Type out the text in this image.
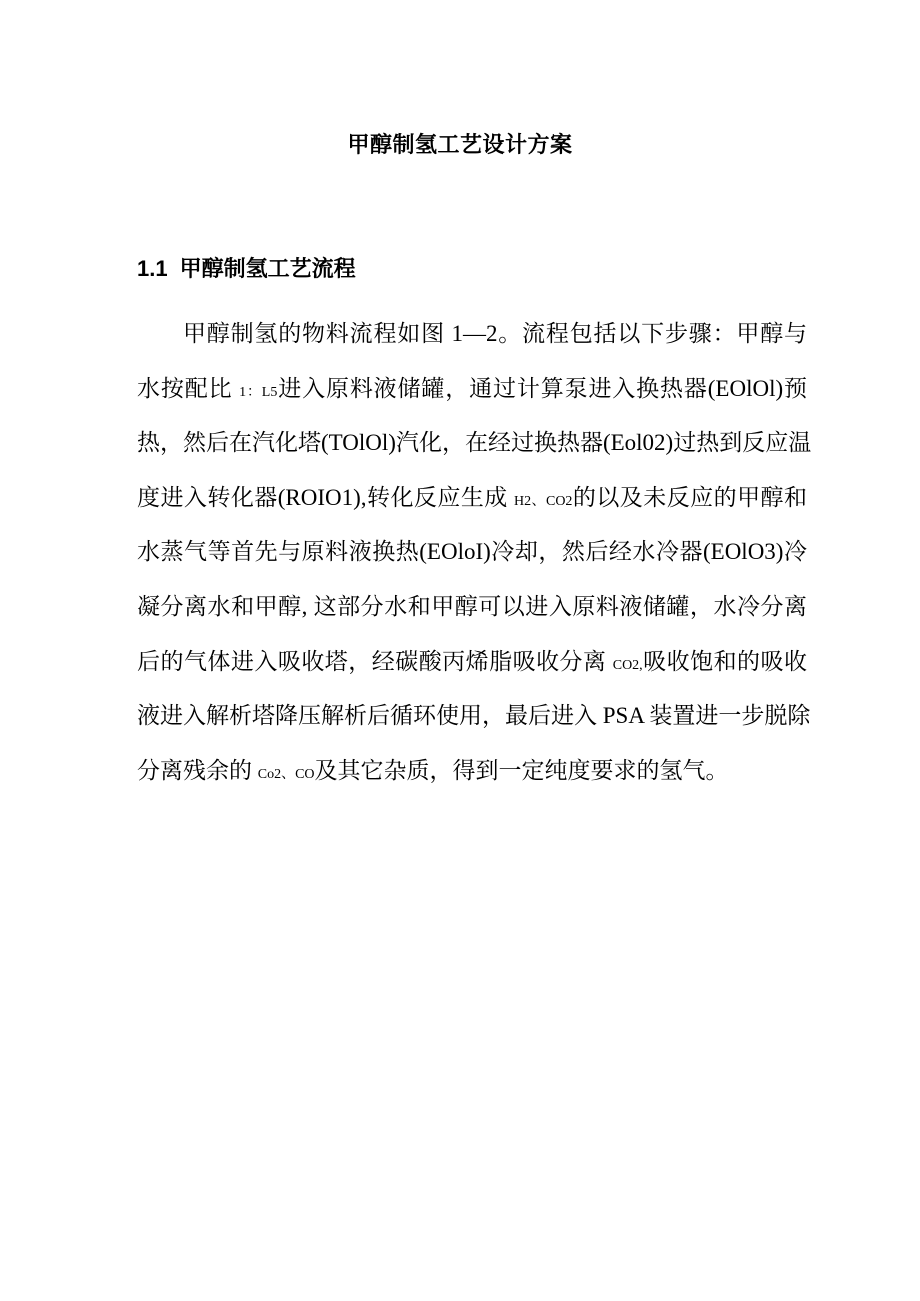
甲醇制氢工艺设计方案
1.1 甲醇制氢工艺流程
甲醇制氢的物料流程如图 1—2。流程包括以下步骤：甲醇与
水按配比 1：L5进入原料液储罐，通过计算泵进入换热器(EOlOl)预
热，然后在汽化塔(TOlOl)汽化，在经过换热器(Eol02)过热到反应温
度进入转化器(ROIO1),转化反应生成 H2、CO2的以及未反应的甲醇和
水蒸气等首先与原料液换热(EOloI)冷却，然后经水冷器(EOlO3)冷
凝分离水和甲醇, 这部分水和甲醇可以进入原料液储罐，水冷分离
后的气体进入吸收塔，经碳酸丙烯脂吸收分离 CO2,吸收饱和的吸收
液进入解析塔降压解析后循环使用，最后进入 PSA 装置进一步脱除
分离残余的 Co2、CO及其它杂质，得到一定纯度要求的氢气。
